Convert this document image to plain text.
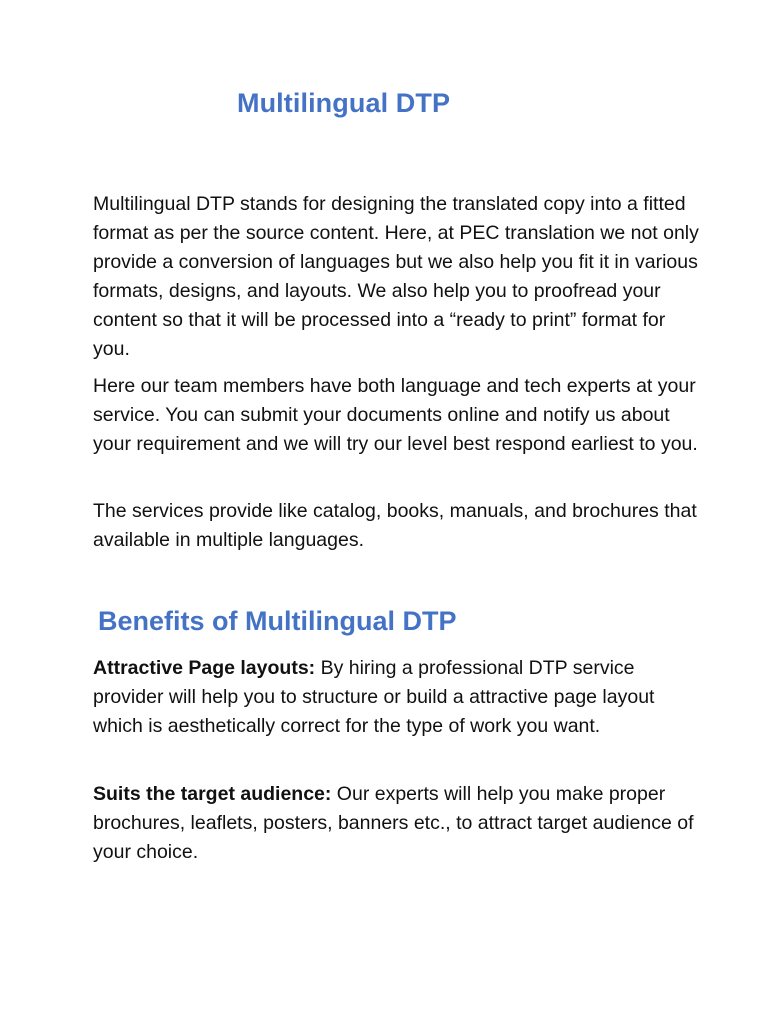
Multilingual DTP

Multilingual DTP stands for designing the translated copy into a fitted format as per the source content. Here, at PEC translation we not only provide a conversion of languages but we also help you fit it in various formats, designs, and layouts. We also help you to proofread your content so that it will be processed into a “ready to print” format for you.

Here our team members have both language and tech experts at your service. You can submit your documents online and notify us about your requirement and we will try our level best respond earliest to you.

The services provide like catalog, books, manuals, and brochures that available in multiple languages.

Benefits of Multilingual DTP

Attractive Page layouts: By hiring a professional DTP service provider will help you to structure or build a attractive page layout which is aesthetically correct for the type of work you want.

Suits the target audience: Our experts will help you make proper brochures, leaflets, posters, banners etc., to attract target audience of your choice.
